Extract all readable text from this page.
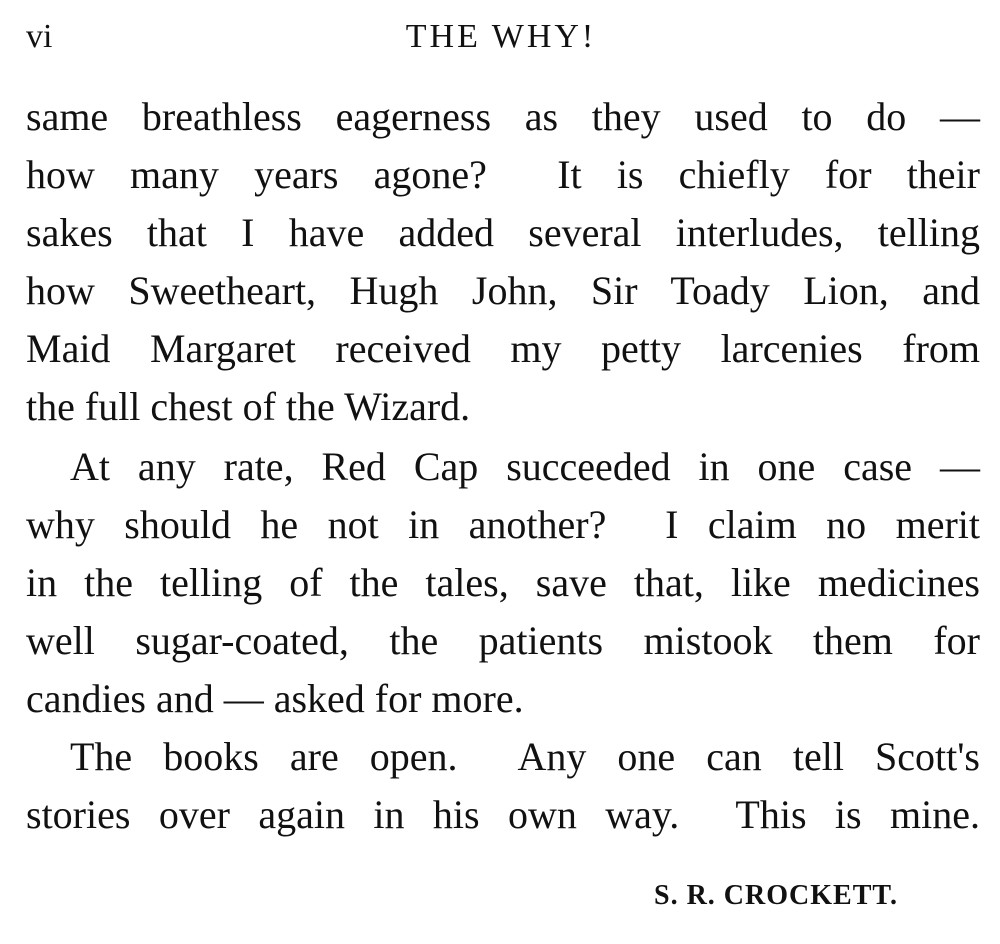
vi	THE WHY!
same breathless eagerness as they used to do —
how many years agone?  It is chiefly for their
sakes that I have added several interludes, telling
how Sweetheart, Hugh John, Sir Toady Lion, and
Maid Margaret received my petty larcenies from
the full chest of the Wizard.
At any rate, Red Cap succeeded in one case —
why should he not in another?  I claim no merit
in the telling of the tales, save that, like medicines
well sugar-coated, the patients mistook them for
candies and — asked for more.
The books are open.  Any one can tell Scott's
stories over again in his own way.  This is mine.
S. R. CROCKETT.
